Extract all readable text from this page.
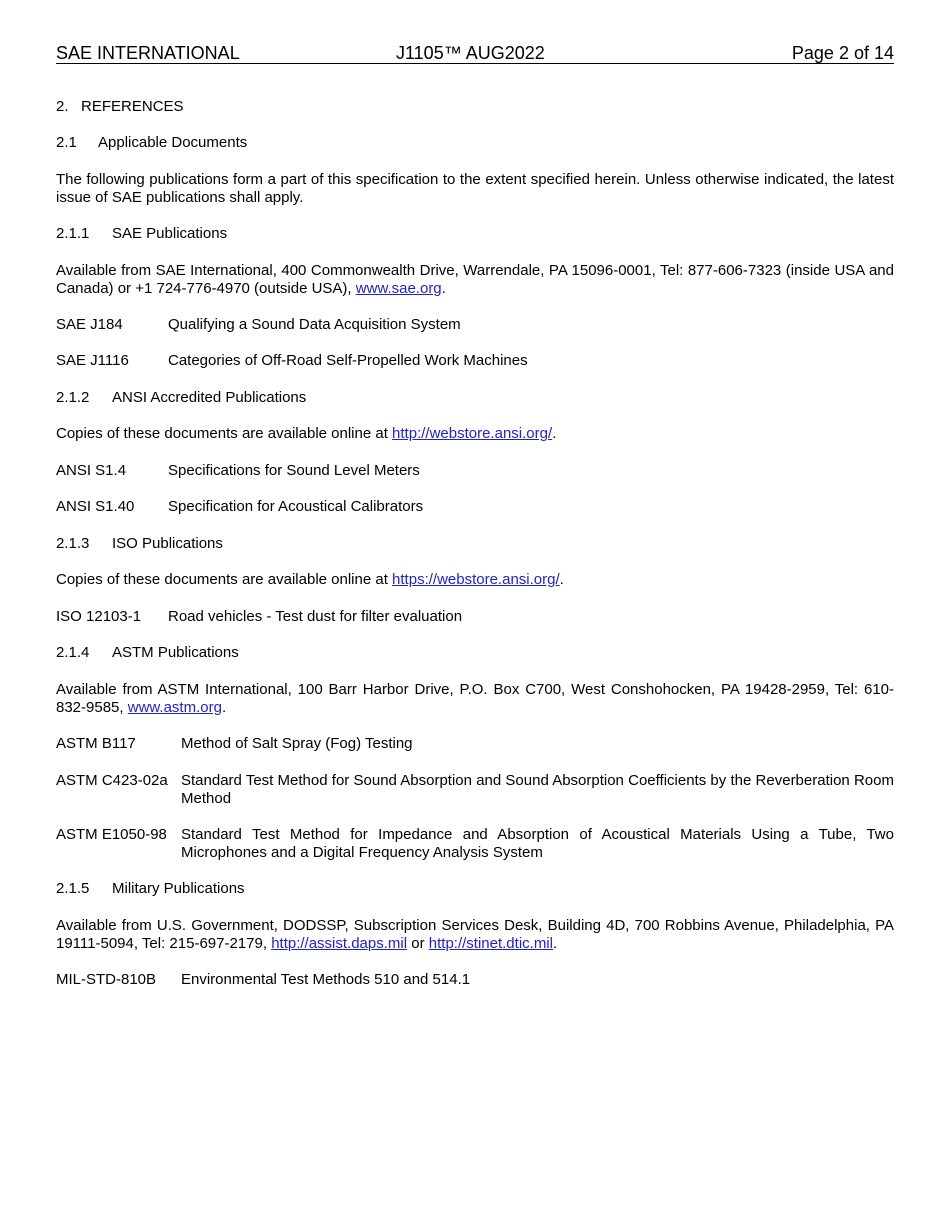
SAE INTERNATIONAL	J1105™ AUG2022	Page 2 of 14
2. REFERENCES
2.1 Applicable Documents
The following publications form a part of this specification to the extent specified herein. Unless otherwise indicated, the latest issue of SAE publications shall apply.
2.1.1 SAE Publications
Available from SAE International, 400 Commonwealth Drive, Warrendale, PA 15096-0001, Tel: 877-606-7323 (inside USA and Canada) or +1 724-776-4970 (outside USA), www.sae.org.
SAE J184	Qualifying a Sound Data Acquisition System
SAE J1116	Categories of Off-Road Self-Propelled Work Machines
2.1.2 ANSI Accredited Publications
Copies of these documents are available online at http://webstore.ansi.org/.
ANSI S1.4	Specifications for Sound Level Meters
ANSI S1.40	Specification for Acoustical Calibrators
2.1.3 ISO Publications
Copies of these documents are available online at https://webstore.ansi.org/.
ISO 12103-1	Road vehicles - Test dust for filter evaluation
2.1.4 ASTM Publications
Available from ASTM International, 100 Barr Harbor Drive, P.O. Box C700, West Conshohocken, PA 19428-2959, Tel: 610-832-9585, www.astm.org.
ASTM B117	Method of Salt Spray (Fog) Testing
ASTM C423-02a Standard Test Method for Sound Absorption and Sound Absorption Coefficients by the Reverberation Room Method
ASTM E1050-98 Standard Test Method for Impedance and Absorption of Acoustical Materials Using a Tube, Two Microphones and a Digital Frequency Analysis System
2.1.5 Military Publications
Available from U.S. Government, DODSSP, Subscription Services Desk, Building 4D, 700 Robbins Avenue, Philadelphia, PA 19111-5094, Tel: 215-697-2179, http://assist.daps.mil or http://stinet.dtic.mil.
MIL-STD-810B	Environmental Test Methods 510 and 514.1
